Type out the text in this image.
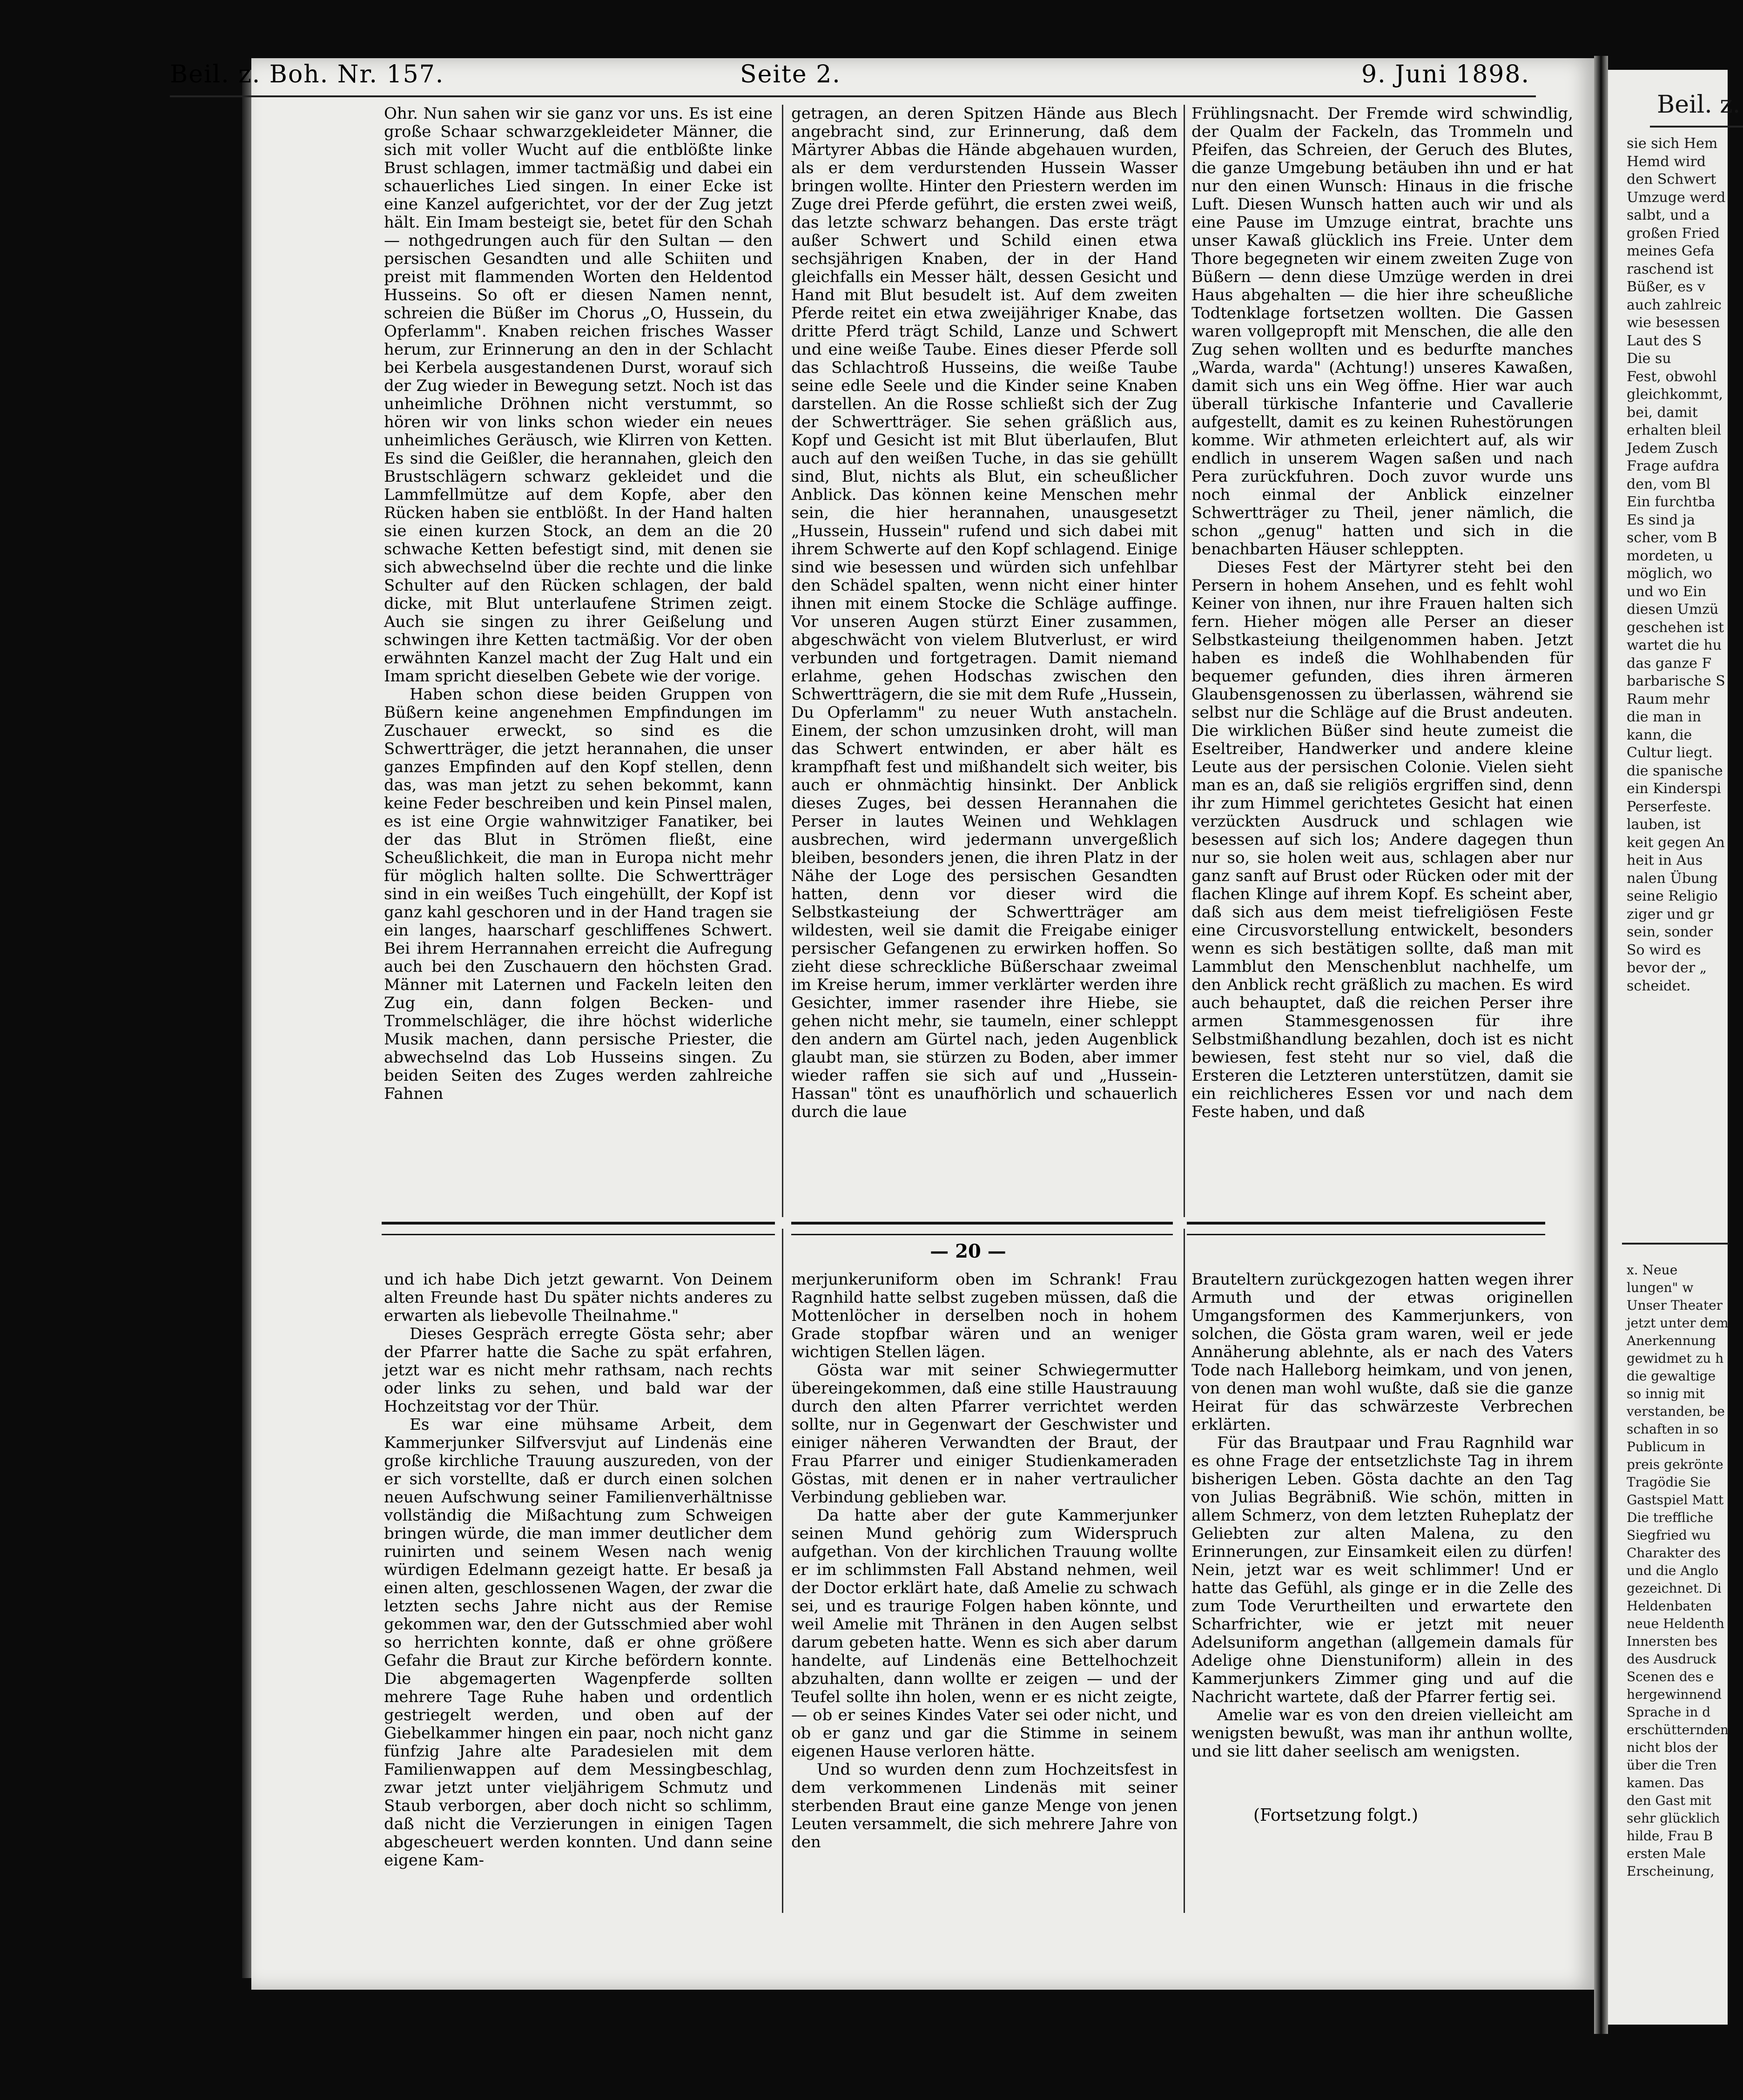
Beil. z. Boh. Nr. 157.	Seite 2.	9. Juni 1898.

Ohr. Nun sahen wir sie ganz vor uns. Es ist eine große Schaar schwarzgekleideter Männer, die sich mit voller Wucht auf die entblößte linke Brust schlagen, immer tactmäßig und dabei ein schauerliches Lied singen. In einer Ecke ist eine Kanzel aufgerichtet, vor der der Zug jetzt hält. Ein Imam besteigt sie, betet für den Schah — nothgedrungen auch für den Sultan — den persischen Gesandten und alle Schiiten und preist mit flammenden Worten den Heldentod Husseins. So oft er diesen Namen nennt, schreien die Büßer im Chorus „O, Hussein, du Opferlamm". Knaben reichen frisches Wasser herum, zur Erinnerung an den in der Schlacht bei Kerbela ausgestandenen Durst, worauf sich der Zug wieder in Bewegung setzt. Noch ist das unheimliche Dröhnen nicht verstummt, so hören wir von links schon wieder ein neues unheimliches Geräusch, wie Klirren von Ketten. Es sind die Geißler, die herannahen, gleich den Brustschlägern schwarz gekleidet und die Lammfellmütze auf dem Kopfe, aber den Rücken haben sie entblößt. In der Hand halten sie einen kurzen Stock, an dem an die 20 schwache Ketten befestigt sind, mit denen sie sich abwechselnd über die rechte und die linke Schulter auf den Rücken schlagen, der bald dicke, mit Blut unterlaufene Strimen zeigt. Auch sie singen zu ihrer Geißelung und schwingen ihre Ketten tactmäßig. Vor der oben erwähnten Kanzel macht der Zug Halt und ein Imam spricht dieselben Gebete wie der vorige.

Haben schon diese beiden Gruppen von Büßern keine angenehmen Empfindungen im Zuschauer erweckt, so sind es die Schwertträger, die jetzt herannahen, die unser ganzes Empfinden auf den Kopf stellen, denn das, was man jetzt zu sehen bekommt, kann keine Feder beschreiben und kein Pinsel malen, es ist eine Orgie wahnwitziger Fanatiker, bei der das Blut in Strömen fließt, eine Scheußlichkeit, die man in Europa nicht mehr für möglich halten sollte. Die Schwertträger sind in ein weißes Tuch eingehüllt, der Kopf ist ganz kahl geschoren und in der Hand tragen sie ein langes, haarscharf geschliffenes Schwert. Bei ihrem Herrannahen erreicht die Aufregung auch bei den Zuschauern den höchsten Grad. Männer mit Laternen und Fackeln leiten den Zug ein, dann folgen Becken- und Trommelschläger, die ihre höchst widerliche Musik machen, dann persische Priester, die abwechselnd das Lob Husseins singen. Zu beiden Seiten des Zuges werden zahlreiche Fahnen

getragen, an deren Spitzen Hände aus Blech angebracht sind, zur Erinnerung, daß dem Märtyrer Abbas die Hände abgehauen wurden, als er dem verdurstenden Hussein Wasser bringen wollte. Hinter den Priestern werden im Zuge drei Pferde geführt, die ersten zwei weiß, das letzte schwarz behangen. Das erste trägt außer Schwert und Schild einen etwa sechsjährigen Knaben, der in der Hand gleichfalls ein Messer hält, dessen Gesicht und Hand mit Blut besudelt ist. Auf dem zweiten Pferde reitet ein etwa zweijähriger Knabe, das dritte Pferd trägt Schild, Lanze und Schwert und eine weiße Taube. Eines dieser Pferde soll das Schlachtroß Husseins, die weiße Taube seine edle Seele und die Kinder seine Knaben darstellen. An die Rosse schließt sich der Zug der Schwertträger. Sie sehen gräßlich aus, Kopf und Gesicht ist mit Blut überlaufen, Blut auch auf den weißen Tuche, in das sie gehüllt sind, Blut, nichts als Blut, ein scheußlicher Anblick. Das können keine Menschen mehr sein, die hier herannahen, unausgesetzt „Hussein, Hussein" rufend und sich dabei mit ihrem Schwerte auf den Kopf schlagend. Einige sind wie besessen und würden sich unfehlbar den Schädel spalten, wenn nicht einer hinter ihnen mit einem Stocke die Schläge auffinge. Vor unseren Augen stürzt Einer zusammen, abgeschwächt von vielem Blutverlust, er wird verbunden und fortgetragen. Damit niemand erlahme, gehen Hodschas zwischen den Schwertträgern, die sie mit dem Rufe „Hussein, Du Opferlamm" zu neuer Wuth anstacheln. Einem, der schon umzusinken droht, will man das Schwert entwinden, er aber hält es krampfhaft fest und mißhandelt sich weiter, bis auch er ohnmächtig hinsinkt. Der Anblick dieses Zuges, bei dessen Herannahen die Perser in lautes Weinen und Wehklagen ausbrechen, wird jedermann unvergeßlich bleiben, besonders jenen, die ihren Platz in der Nähe der Loge des persischen Gesandten hatten, denn vor dieser wird die Selbstkasteiung der Schwertträger am wildesten, weil sie damit die Freigabe einiger persischer Gefangenen zu erwirken hoffen. So zieht diese schreckliche Büßerschaar zweimal im Kreise herum, immer verklärter werden ihre Gesichter, immer rasender ihre Hiebe, sie gehen nicht mehr, sie taumeln, einer schleppt den andern am Gürtel nach, jeden Augenblick glaubt man, sie stürzen zu Boden, aber immer wieder raffen sie sich auf und „Hussein-Hassan" tönt es unaufhörlich und schauerlich durch die laue

Frühlingsnacht. Der Fremde wird schwindlig, der Qualm der Fackeln, das Trommeln und Pfeifen, das Schreien, der Geruch des Blutes, die ganze Umgebung betäuben ihn und er hat nur den einen Wunsch: Hinaus in die frische Luft. Diesen Wunsch hatten auch wir und als eine Pause im Umzuge eintrat, brachte uns unser Kawaß glücklich ins Freie. Unter dem Thore begegneten wir einem zweiten Zuge von Büßern — denn diese Umzüge werden in drei Haus abgehalten — die hier ihre scheußliche Todtenklage fortsetzen wollten. Die Gassen waren vollgepropft mit Menschen, die alle den Zug sehen wollten und es bedurfte manches „Warda, warda" (Achtung!) unseres Kawaßen, damit sich uns ein Weg öffne. Hier war auch überall türkische Infanterie und Cavallerie aufgestellt, damit es zu keinen Ruhestörungen komme. Wir athmeten erleichtert auf, als wir endlich in unserem Wagen saßen und nach Pera zurückfuhren. Doch zuvor wurde uns noch einmal der Anblick einzelner Schwertträger zu Theil, jener nämlich, die schon „genug" hatten und sich in die benachbarten Häuser schleppten.

Dieses Fest der Märtyrer steht bei den Persern in hohem Ansehen, und es fehlt wohl Keiner von ihnen, nur ihre Frauen halten sich fern. Hieher mögen alle Perser an dieser Selbstkasteiung theilgenommen haben. Jetzt haben es indeß die Wohlhabenden für bequemer gefunden, dies ihren ärmeren Glaubensgenossen zu überlassen, während sie selbst nur die Schläge auf die Brust andeuten. Die wirklichen Büßer sind heute zumeist die Eseltreiber, Handwerker und andere kleine Leute aus der persischen Colonie. Vielen sieht man es an, daß sie religiös ergriffen sind, denn ihr zum Himmel gerichtetes Gesicht hat einen verzückten Ausdruck und schlagen wie besessen auf sich los; Andere dagegen thun nur so, sie holen weit aus, schlagen aber nur ganz sanft auf Brust oder Rücken oder mit der flachen Klinge auf ihrem Kopf. Es scheint aber, daß sich aus dem meist tiefreligiösen Feste eine Circusvorstellung entwickelt, besonders wenn es sich bestätigen sollte, daß man mit Lammblut den Menschenblut nachhelfe, um den Anblick recht gräßlich zu machen. Es wird auch behauptet, daß die reichen Perser ihre armen Stammesgenossen für ihre Selbstmißhandlung bezahlen, doch ist es nicht bewiesen, fest steht nur so viel, daß die Ersteren die Letzteren unterstützen, damit sie ein reichlicheres Essen vor und nach dem Feste haben, und daß

— 20 —

und ich habe Dich jetzt gewarnt. Von Deinem alten Freunde hast Du später nichts anderes zu erwarten als liebevolle Theilnahme."

Dieses Gespräch erregte Gösta sehr; aber der Pfarrer hatte die Sache zu spät erfahren, jetzt war es nicht mehr rathsam, nach rechts oder links zu sehen, und bald war der Hochzeitstag vor der Thür.

Es war eine mühsame Arbeit, dem Kammerjunker Silfversvjut auf Lindenäs eine große kirchliche Trauung auszureden, von der er sich vorstellte, daß er durch einen solchen neuen Aufschwung seiner Familienverhältnisse vollständig die Mißachtung zum Schweigen bringen würde, die man immer deutlicher dem ruinirten und seinem Wesen nach wenig würdigen Edelmann gezeigt hatte. Er besaß ja einen alten, geschlossenen Wagen, der zwar die letzten sechs Jahre nicht aus der Remise gekommen war, den der Gutsschmied aber wohl so herrichten konnte, daß er ohne größere Gefahr die Braut zur Kirche befördern konnte. Die abgemagerten Wagenpferde sollten mehrere Tage Ruhe haben und ordentlich gestriegelt werden, und oben auf der Giebelkammer hingen ein paar, noch nicht ganz fünfzig Jahre alte Paradesielen mit dem Familienwappen auf dem Messingbeschlag, zwar jetzt unter vieljährigem Schmutz und Staub verborgen, aber doch nicht so schlimm, daß nicht die Verzierungen in einigen Tagen abgescheuert werden konnten. Und dann seine eigene Kam-

merjunkeruniform oben im Schrank! Frau Ragnhild hatte selbst zugeben müssen, daß die Mottenlöcher in derselben noch in hohem Grade stopfbar wären und an weniger wichtigen Stellen lägen.

Gösta war mit seiner Schwiegermutter übereingekommen, daß eine stille Haustrauung durch den alten Pfarrer verrichtet werden sollte, nur in Gegenwart der Geschwister und einiger näheren Verwandten der Braut, der Frau Pfarrer und einiger Studienkameraden Göstas, mit denen er in naher vertraulicher Verbindung geblieben war.

Da hatte aber der gute Kammerjunker seinen Mund gehörig zum Widerspruch aufgethan. Von der kirchlichen Trauung wollte er im schlimmsten Fall Abstand nehmen, weil der Doctor erklärt hate, daß Amelie zu schwach sei, und es traurige Folgen haben könnte, und weil Amelie mit Thränen in den Augen selbst darum gebeten hatte. Wenn es sich aber darum handelte, auf Lindenäs eine Bettelhochzeit abzuhalten, dann wollte er zeigen — und der Teufel sollte ihn holen, wenn er es nicht zeigte, — ob er seines Kindes Vater sei oder nicht, und ob er ganz und gar die Stimme in seinem eigenen Hause verloren hätte.

Und so wurden denn zum Hochzeitsfest in dem verkommenen Lindenäs mit seiner sterbenden Braut eine ganze Menge von jenen Leuten versammelt, die sich mehrere Jahre von den

Brauteltern zurückgezogen hatten wegen ihrer Armuth und der etwas originellen Umgangsformen des Kammerjunkers, von solchen, die Gösta gram waren, weil er jede Annäherung ablehnte, als er nach des Vaters Tode nach Halleborg heimkam, und von jenen, von denen man wohl wußte, daß sie die ganze Heirat für das schwärzeste Verbrechen erklärten.

Für das Brautpaar und Frau Ragnhild war es ohne Frage der entsetzlichste Tag in ihrem bisherigen Leben. Gösta dachte an den Tag von Julias Begräbniß. Wie schön, mitten in allem Schmerz, von dem letzten Ruheplatz der Geliebten zur alten Malena, zu den Erinnerungen, zur Einsamkeit eilen zu dürfen! Nein, jetzt war es weit schlimmer! Und er hatte das Gefühl, als ginge er in die Zelle des zum Tode Verurtheilten und erwartete den Scharfrichter, wie er jetzt mit neuer Adelsuniform angethan (allgemein damals für Adelige ohne Dienstuniform) allein in des Kammerjunkers Zimmer ging und auf die Nachricht wartete, daß der Pfarrer fertig sei.

Amelie war es von den dreien vielleicht am wenigsten bewußt, was man ihr anthun wollte, und sie litt daher seelisch am wenigsten.

(Fortsetzung folgt.)
Beil. z.
sie sich Hem
Hemd wird
den Schwert
Umzuge werd
salbt, und a
großen Fried
meines Gefa
raschend ist
Büßer, es v
auch zahlreic
wie besessen
Laut des S
Die su
Fest, obwohl
gleichkommt,
bei, damit
erhalten bleil
Jedem Zusch
Frage aufdra
den, vom Bl
Ein furchtba
Es sind ja
scher, vom B
mordeten, u
möglich, wo
und wo Ein
diesen Umzü
geschehen ist
wartet die hu
das ganze F
barbarische S
Raum mehr
die man in
kann, die
Cultur liegt.
die spanische
ein Kinderspi
Perserfeste.
lauben, ist
keit gegen An
heit in Aus
nalen Übung
seine Religio
ziger und gr
sein, sonder
So wird es
bevor der „
scheidet.
x. Neue
lungen" w
Unser Theater
jetzt unter dem
Anerkennung
gewidmet zu h
die gewaltige
so innig mit
verstanden, be
schaften in so
Publicum in
preis gekrönte
Tragödie Sie
Gastspiel Matt
Die treffliche
Siegfried wu
Charakter des
und die Anglo
gezeichnet. Di
Heldenbaten
neue Heldenth
Innersten bes
des Ausdruck
Scenen des e
hergewinnend
Sprache in d
erschütternden
nicht blos der
über die Tren
kamen. Das
den Gast mit
sehr glücklich
hilde, Frau B
ersten Male
Erscheinung,
